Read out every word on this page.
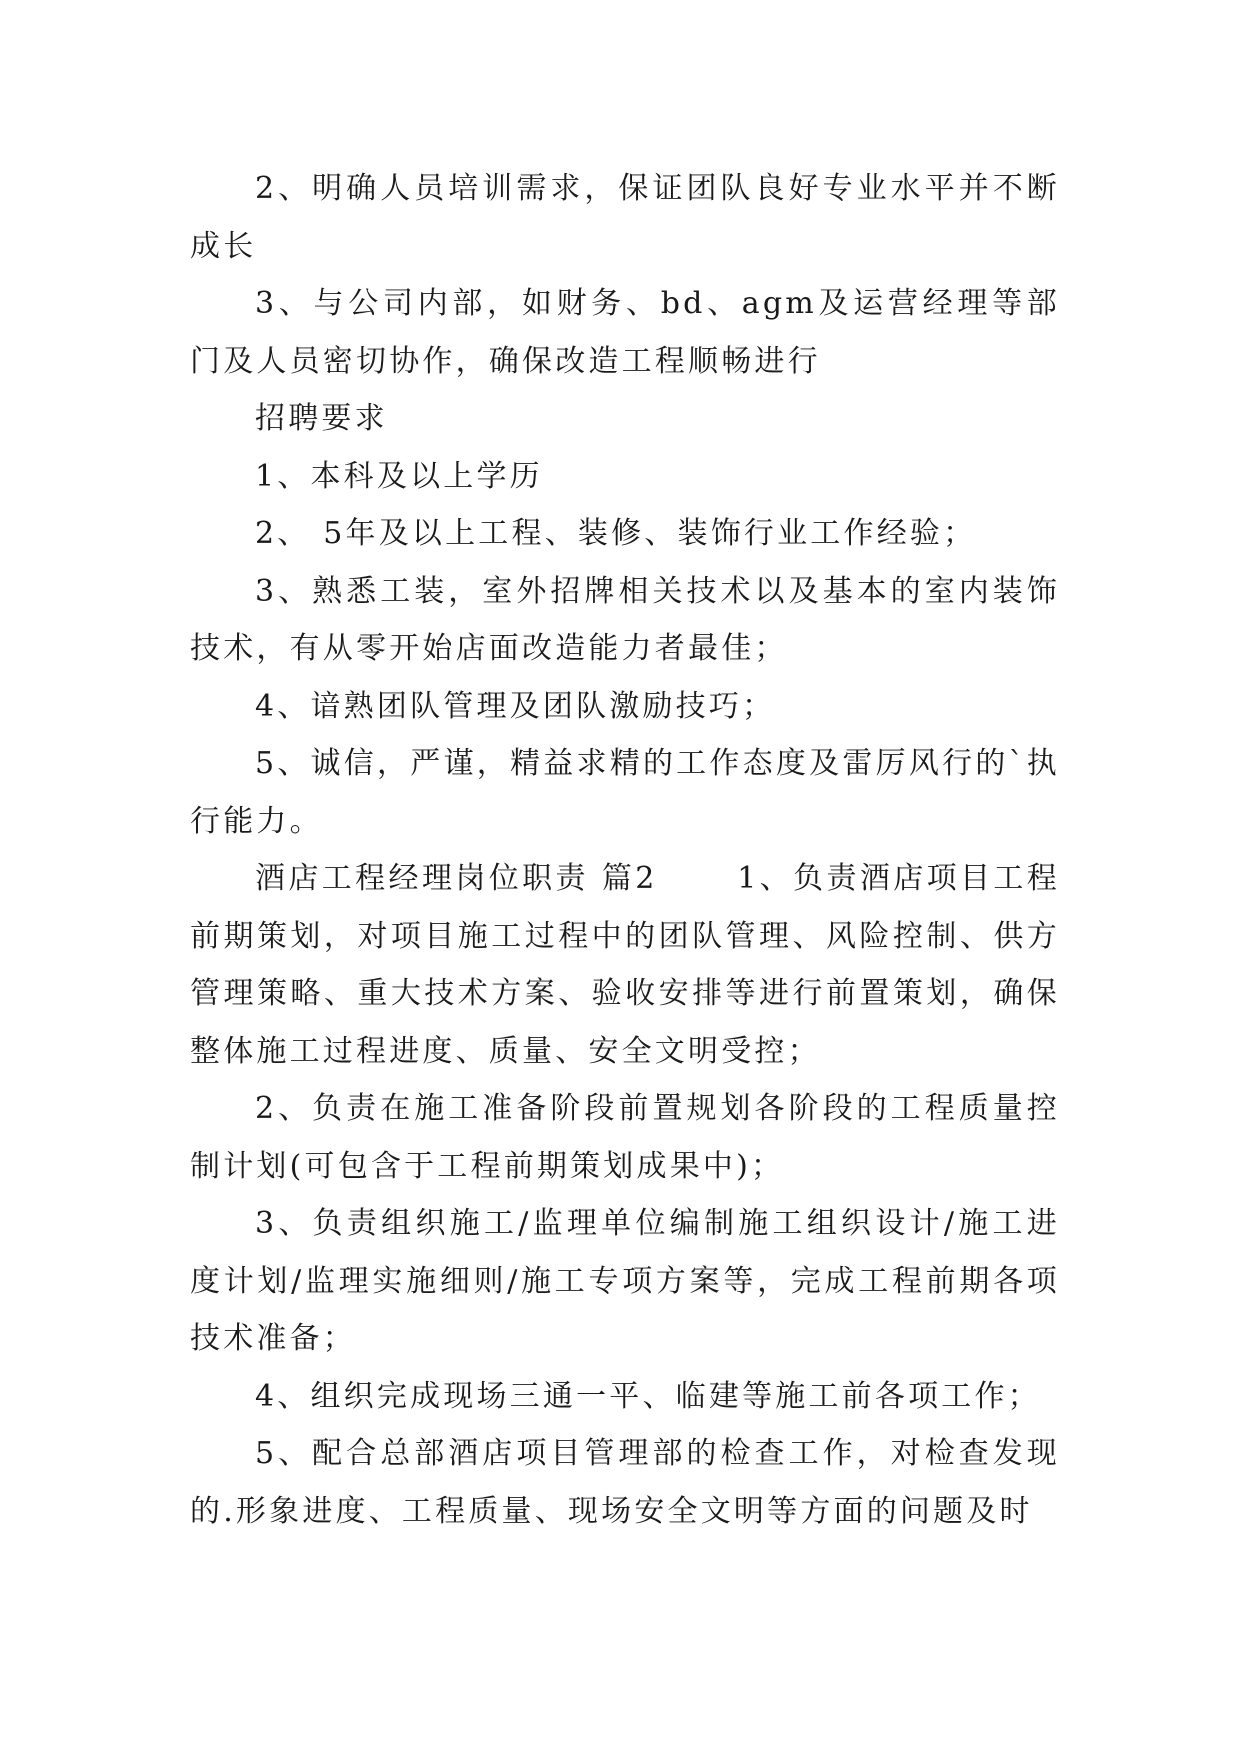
2、明确人员培训需求，保证团队良好专业水平并不断成长

3、与公司内部，如财务、bd、agm及运营经理等部门及人员密切协作，确保改造工程顺畅进行

招聘要求

1、本科及以上学历

2、 5年及以上工程、装修、装饰行业工作经验；

3、熟悉工装，室外招牌相关技术以及基本的室内装饰技术，有从零开始店面改造能力者最佳；

4、谙熟团队管理及团队激励技巧；

5、诚信，严谨，精益求精的工作态度及雷厉风行的`执行能力。

酒店工程经理岗位职责 篇2 　　1、负责酒店项目工程前期策划，对项目施工过程中的团队管理、风险控制、供方管理策略、重大技术方案、验收安排等进行前置策划，确保整体施工过程进度、质量、安全文明受控；

2、负责在施工准备阶段前置规划各阶段的工程质量控制计划(可包含于工程前期策划成果中)；

3、负责组织施工/监理单位编制施工组织设计/施工进度计划/监理实施细则/施工专项方案等，完成工程前期各项技术准备；

4、组织完成现场三通一平、临建等施工前各项工作；

5、配合总部酒店项目管理部的检查工作，对检查发现的.形象进度、工程质量、现场安全文明等方面的问题及时
